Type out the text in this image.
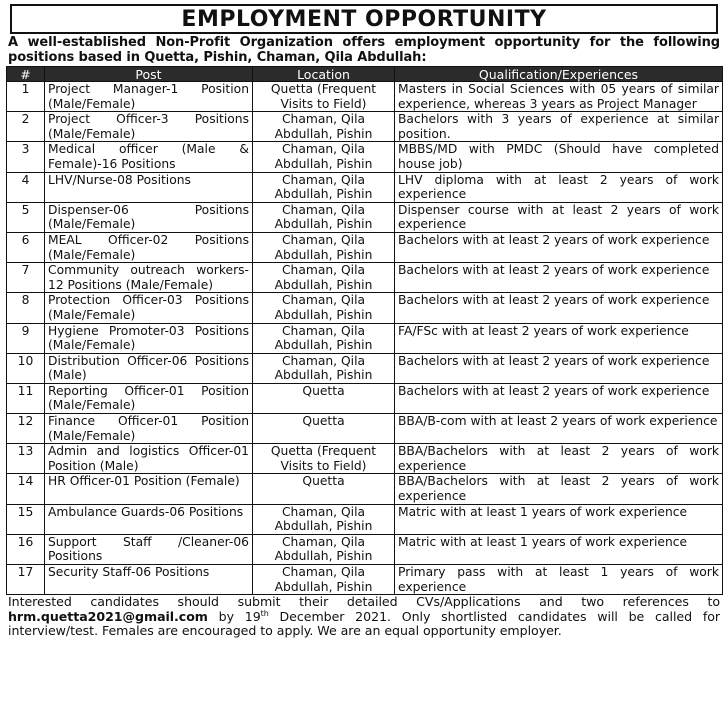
EMPLOYMENT OPPORTUNITY
A well-established Non-Profit Organization offers employment opportunity for the following positions based in Quetta, Pishin, Chaman, Qila Abdullah:
#	Post	Location	Qualification/Experiences
1	Project Manager-1 Position (Male/Female)	Quetta (Frequent Visits to Field)	Masters in Social Sciences with 05 years of similar experience, whereas 3 years as Project Manager
2	Project Officer-3 Positions (Male/Female)	Chaman, Qila Abdullah, Pishin	Bachelors with 3 years of experience at similar position.
3	Medical officer (Male & Female)-16 Positions	Chaman, Qila Abdullah, Pishin	MBBS/MD with PMDC (Should have completed house job)
4	LHV/Nurse-08 Positions	Chaman, Qila Abdullah, Pishin	LHV diploma with at least 2 years of work experience
5	Dispenser-06 Positions (Male/Female)	Chaman, Qila Abdullah, Pishin	Dispenser course with at least 2 years of work experience
6	MEAL Officer-02 Positions (Male/Female)	Chaman, Qila Abdullah, Pishin	Bachelors with at least 2 years of work experience
7	Community outreach workers-12 Positions (Male/Female)	Chaman, Qila Abdullah, Pishin	Bachelors with at least 2 years of work experience
8	Protection Officer-03 Positions (Male/Female)	Chaman, Qila Abdullah, Pishin	Bachelors with at least 2 years of work experience
9	Hygiene Promoter-03 Positions (Male/Female)	Chaman, Qila Abdullah, Pishin	FA/FSc with at least 2 years of work experience
10	Distribution Officer-06 Positions (Male)	Chaman, Qila Abdullah, Pishin	Bachelors with at least 2 years of work experience
11	Reporting Officer-01 Position (Male/Female)	Quetta	Bachelors with at least 2 years of work experience
12	Finance Officer-01 Position (Male/Female)	Quetta	BBA/B-com with at least 2 years of work experience
13	Admin and logistics Officer-01 Position (Male)	Quetta (Frequent Visits to Field)	BBA/Bachelors with at least 2 years of work experience
14	HR Officer-01 Position (Female)	Quetta	BBA/Bachelors with at least 2 years of work experience
15	Ambulance Guards-06 Positions	Chaman, Qila Abdullah, Pishin	Matric with at least 1 years of work experience
16	Support Staff /Cleaner-06 Positions	Chaman, Qila Abdullah, Pishin	Matric with at least 1 years of work experience
17	Security Staff-06 Positions	Chaman, Qila Abdullah, Pishin	Primary pass with at least 1 years of work experience
Interested candidates should submit their detailed CVs/Applications and two references to hrm.quetta2021@gmail.com by 19th December 2021. Only shortlisted candidates will be called for interview/test. Females are encouraged to apply. We are an equal opportunity employer.
